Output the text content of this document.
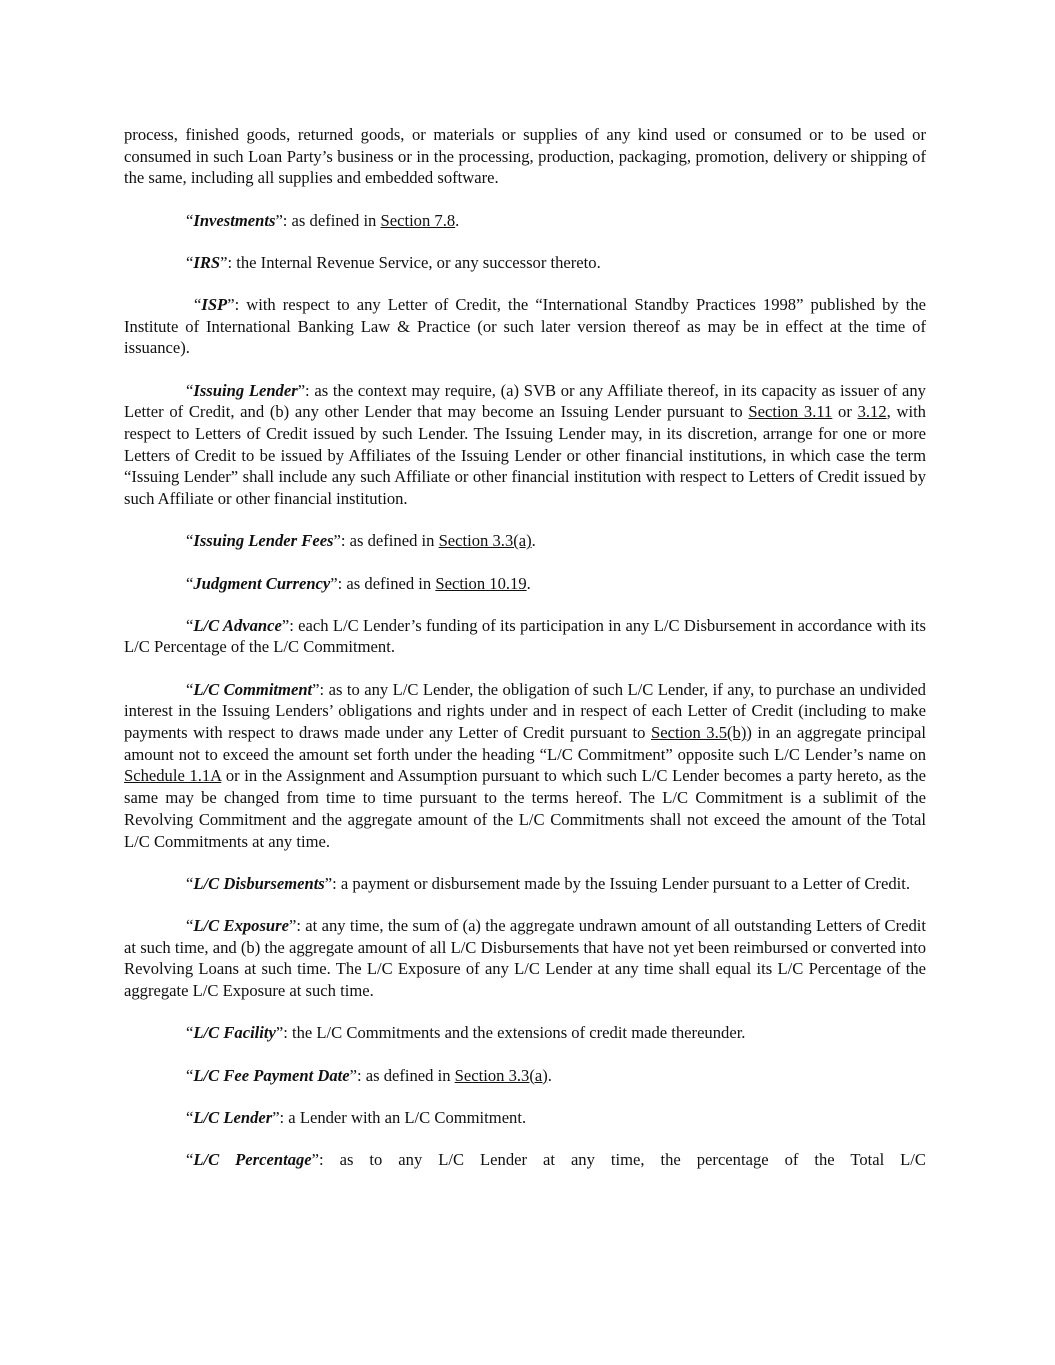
process, finished goods, returned goods, or materials or supplies of any kind used or consumed or to be used or consumed in such Loan Party’s business or in the processing, production, packaging, promotion, delivery or shipping of the same, including all supplies and embedded software.

“Investments”: as defined in Section 7.8.

“IRS”: the Internal Revenue Service, or any successor thereto.

“ISP”: with respect to any Letter of Credit, the “International Standby Practices 1998” published by the Institute of International Banking Law & Practice (or such later version thereof as may be in effect at the time of issuance).

“Issuing Lender”: as the context may require, (a) SVB or any Affiliate thereof, in its capacity as issuer of any Letter of Credit, and (b) any other Lender that may become an Issuing Lender pursuant to Section 3.11 or 3.12, with respect to Letters of Credit issued by such Lender. The Issuing Lender may, in its discretion, arrange for one or more Letters of Credit to be issued by Affiliates of the Issuing Lender or other financial institutions, in which case the term “Issuing Lender” shall include any such Affiliate or other financial institution with respect to Letters of Credit issued by such Affiliate or other financial institution.

“Issuing Lender Fees”: as defined in Section 3.3(a).

“Judgment Currency”: as defined in Section 10.19.

“L/C Advance”: each L/C Lender’s funding of its participation in any L/C Disbursement in accordance with its L/C Percentage of the L/C Commitment.

“L/C Commitment”: as to any L/C Lender, the obligation of such L/C Lender, if any, to purchase an undivided interest in the Issuing Lenders’ obligations and rights under and in respect of each Letter of Credit (including to make payments with respect to draws made under any Letter of Credit pursuant to Section 3.5(b)) in an aggregate principal amount not to exceed the amount set forth under the heading “L/C Commitment” opposite such L/C Lender’s name on Schedule 1.1A or in the Assignment and Assumption pursuant to which such L/C Lender becomes a party hereto, as the same may be changed from time to time pursuant to the terms hereof. The L/C Commitment is a sublimit of the Revolving Commitment and the aggregate amount of the L/C Commitments shall not exceed the amount of the Total L/C Commitments at any time.

“L/C Disbursements”: a payment or disbursement made by the Issuing Lender pursuant to a Letter of Credit.

“L/C Exposure”: at any time, the sum of (a) the aggregate undrawn amount of all outstanding Letters of Credit at such time, and (b) the aggregate amount of all L/C Disbursements that have not yet been reimbursed or converted into Revolving Loans at such time. The L/C Exposure of any L/C Lender at any time shall equal its L/C Percentage of the aggregate L/C Exposure at such time.

“L/C Facility”: the L/C Commitments and the extensions of credit made thereunder.

“L/C Fee Payment Date”: as defined in Section 3.3(a).

“L/C Lender”: a Lender with an L/C Commitment.

“L/C Percentage”: as to any L/C Lender at any time, the percentage of the Total L/C
